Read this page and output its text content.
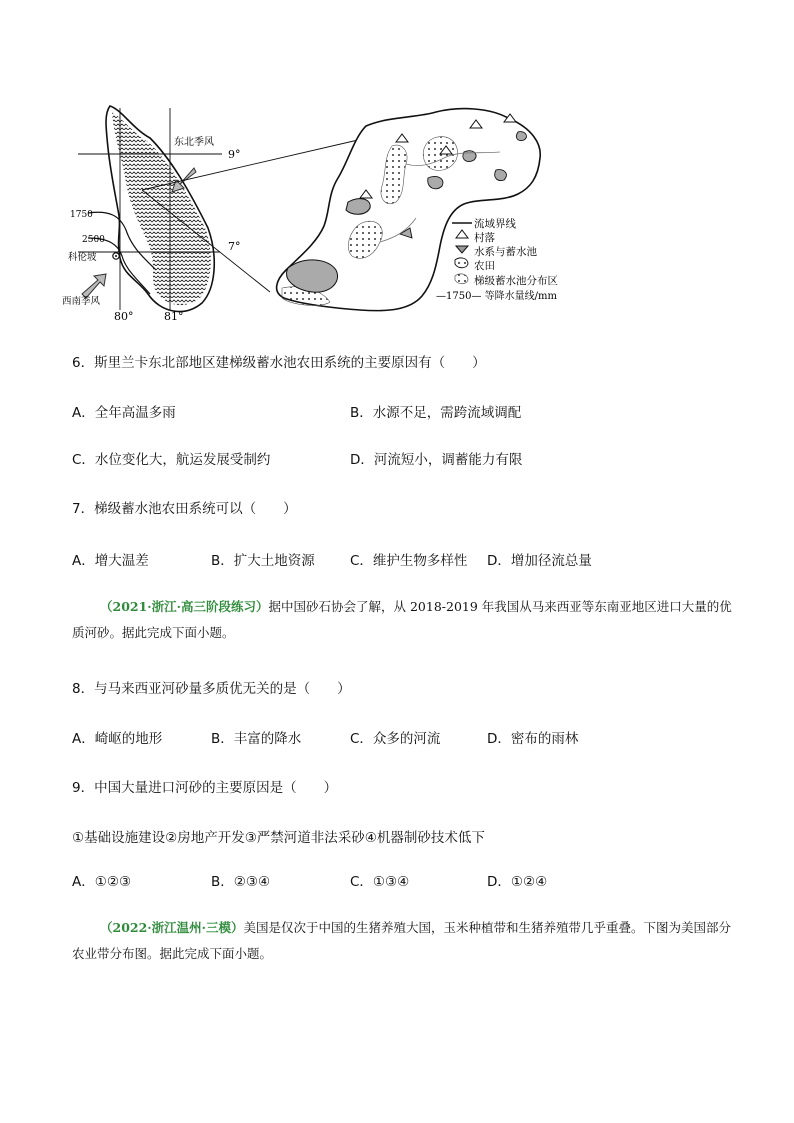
东北季风
9°
7°
1750
2500
科伦坡
西南季风
80°	81°
流域界线
村落
水系与蓄水池
农田
梯级蓄水池分布区
—1750— 等降水量线/mm
6．斯里兰卡东北部地区建梯级蓄水池农田系统的主要原因有（　　）
A．全年高温多雨	B．水源不足，需跨流域调配
C．水位变化大，航运发展受制约	D．河流短小，调蓄能力有限
7．梯级蓄水池农田系统可以（　　）
A．增大温差	B．扩大土地资源	C．维护生物多样性 D．增加径流总量
（2021·浙江·高三阶段练习）据中国砂石协会了解，从 2018-2019 年我国从马来西亚等东南亚地区进口大量的优质河砂。据此完成下面小题。
8．与马来西亚河砂量多质优无关的是（　　）
A．崎岖的地形	B．丰富的降水	C．众多的河流	D．密布的雨林
9．中国大量进口河砂的主要原因是（　　）
①基础设施建设②房地产开发③严禁河道非法采砂④机器制砂技术低下
A．①②③	B．②③④	C．①③④	D．①②④
（2022·浙江温州·三模）美国是仅次于中国的生猪养殖大国，玉米种植带和生猪养殖带几乎重叠。下图为美国部分农业带分布图。据此完成下面小题。
